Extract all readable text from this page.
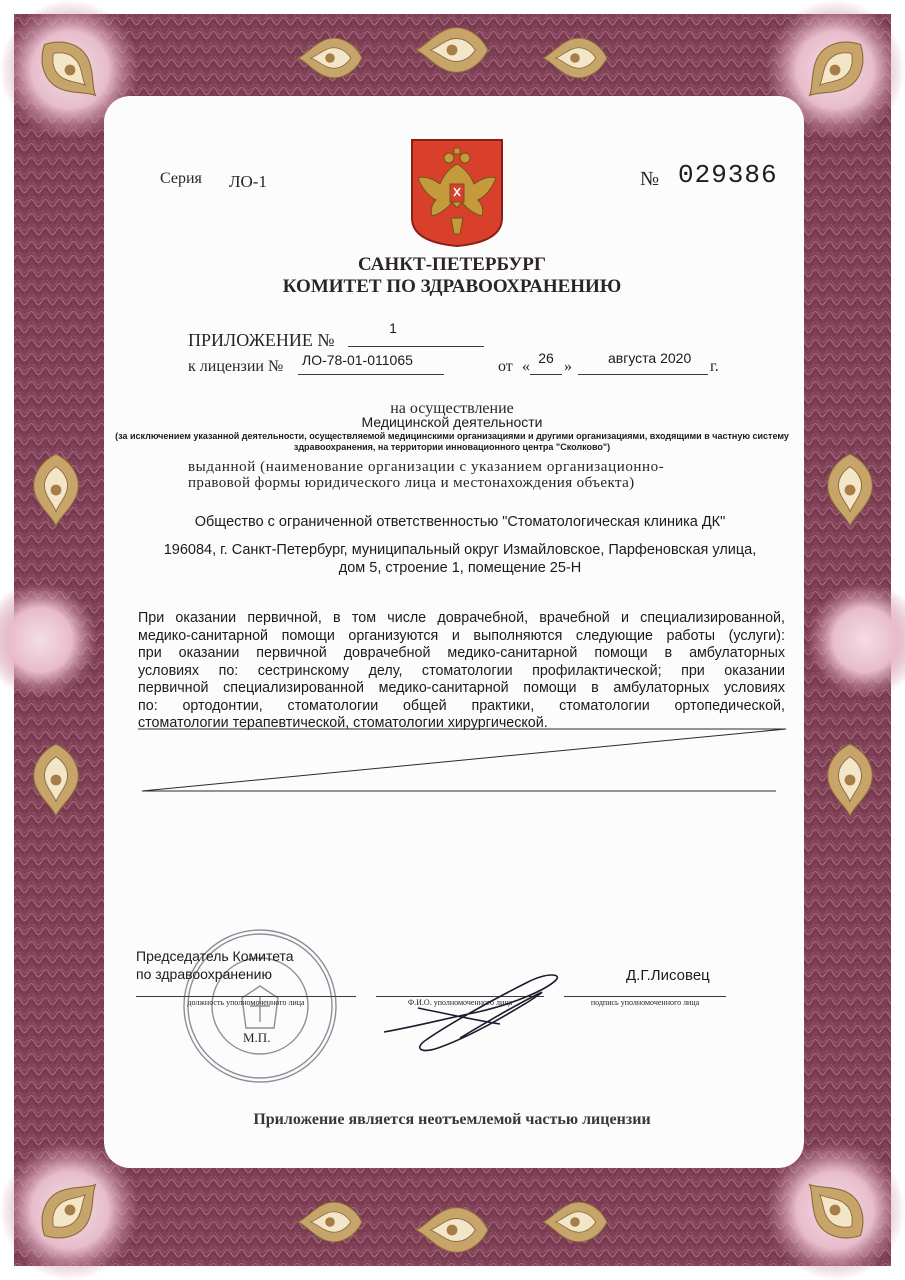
Серия ЛО-1	№ 029386
САНКТ-ПЕТЕРБУРГ
КОМИТЕТ ПО ЗДРАВООХРАНЕНИЮ
ПРИЛОЖЕНИЕ №
1
к лицензии № ЛО-78-01-011065	от « 26 »	августа 2020 г.
на осуществление
Медицинской деятельности
(за исключением указанной деятельности, осуществляемой медицинскими организациями и другими организациями, входящими в частную систему здравоохранения, на территории инновационного центра "Сколково")
выданной (наименование организации с указанием организационно-
правовой формы юридического лица и местонахождения объекта)
Общество с ограниченной ответственностью "Стоматологическая клиника ДК"
196084, г. Санкт-Петербург, муниципальный округ Измайловское, Парфеновская улица,
дом 5, строение 1, помещение 25-Н

При оказании первичной, в том числе доврачебной, врачебной и специализированной,

медико-санитарной помощи организуются и выполняются следующие работы (услуги):

при оказании первичной доврачебной медико-санитарной помощи в амбулаторных

условиях по: сестринскому делу, стоматологии профилактической; при оказании

первичной специализированной медико-санитарной помощи в амбулаторных условиях

по: ортодонтии, стоматологии общей практики, стоматологии ортопедической,

стоматологии терапевтической, стоматологии хирургической.

Председатель Комитета
по здравоохранению
должность уполномоченного лица	Ф.И.О. уполномоченного лица
Д.Г.Лисовец
подпись уполномоченного лица
М.П.
Приложение является неотъемлемой частью лицензии
